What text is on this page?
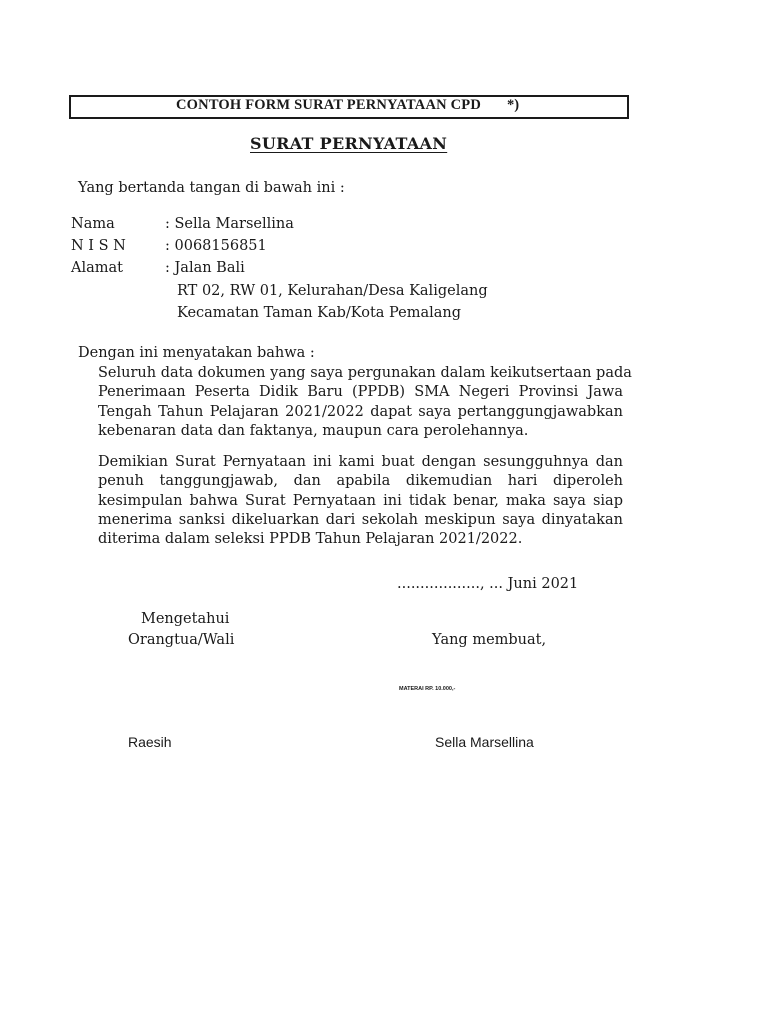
CONTOH FORM SURAT PERNYATAAN CPD *)
SURAT PERNYATAAN
Yang bertanda tangan di bawah ini :
Nama	: Sella Marsellina
N I S N	: 0068156851
Alamat	: Jalan Bali
RT 02, RW 01, Kelurahan/Desa Kaligelang
Kecamatan Taman Kab/Kota Pemalang
Dengan ini menyatakan bahwa :
Seluruh data dokumen yang saya pergunakan dalam keikutsertaan pada
Penerimaan Peserta Didik Baru (PPDB) SMA Negeri Provinsi Jawa
Tengah Tahun Pelajaran 2021/2022 dapat saya pertanggungjawabkan
kebenaran data dan faktanya, maupun cara perolehannya.
Demikian Surat Pernyataan ini kami buat dengan sesungguhnya dan
penuh tanggungjawab, dan apabila dikemudian hari diperoleh
kesimpulan bahwa Surat Pernyataan ini tidak benar, maka saya siap
menerima sanksi dikeluarkan dari sekolah meskipun saya dinyatakan
diterima dalam seleksi PPDB Tahun Pelajaran 2021/2022.
.................., ... Juni 2021
Mengetahui
Orangtua/Wali	Yang membuat,
MATERAI RP. 10.000,-
Raesih	Sella Marsellina
